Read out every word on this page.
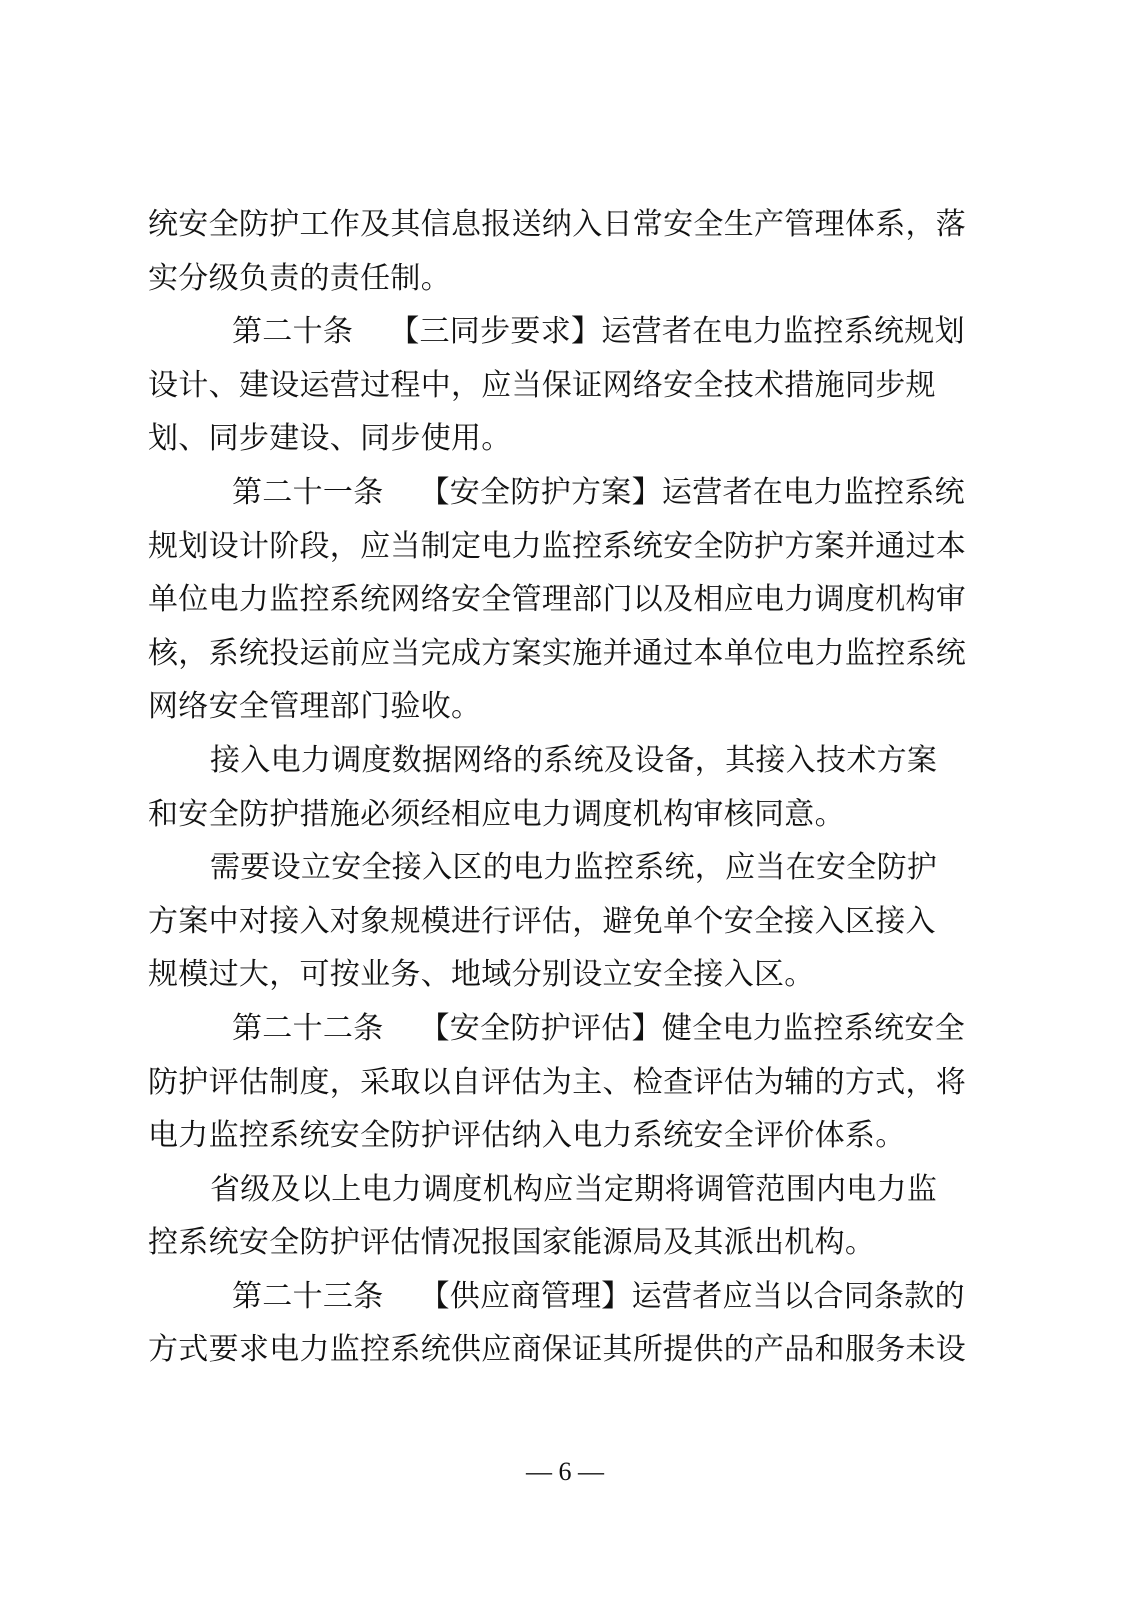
统安全防护工作及其信息报送纳入日常安全生产管理体系，落
实分级负责的责任制。
第二十条 【三同步要求】运营者在电力监控系统规划
设计、建设运营过程中，应当保证网络安全技术措施同步规
划、同步建设、同步使用。
第二十一条 【安全防护方案】运营者在电力监控系统
规划设计阶段，应当制定电力监控系统安全防护方案并通过本
单位电力监控系统网络安全管理部门以及相应电力调度机构审
核，系统投运前应当完成方案实施并通过本单位电力监控系统
网络安全管理部门验收。
接入电力调度数据网络的系统及设备，其接入技术方案
和安全防护措施必须经相应电力调度机构审核同意。
需要设立安全接入区的电力监控系统，应当在安全防护
方案中对接入对象规模进行评估，避免单个安全接入区接入
规模过大，可按业务、地域分别设立安全接入区。
第二十二条 【安全防护评估】健全电力监控系统安全
防护评估制度，采取以自评估为主、检查评估为辅的方式，将
电力监控系统安全防护评估纳入电力系统安全评价体系。
省级及以上电力调度机构应当定期将调管范围内电力监
控系统安全防护评估情况报国家能源局及其派出机构。
第二十三条 【供应商管理】运营者应当以合同条款的
方式要求电力监控系统供应商保证其所提供的产品和服务未设
— 6 —
